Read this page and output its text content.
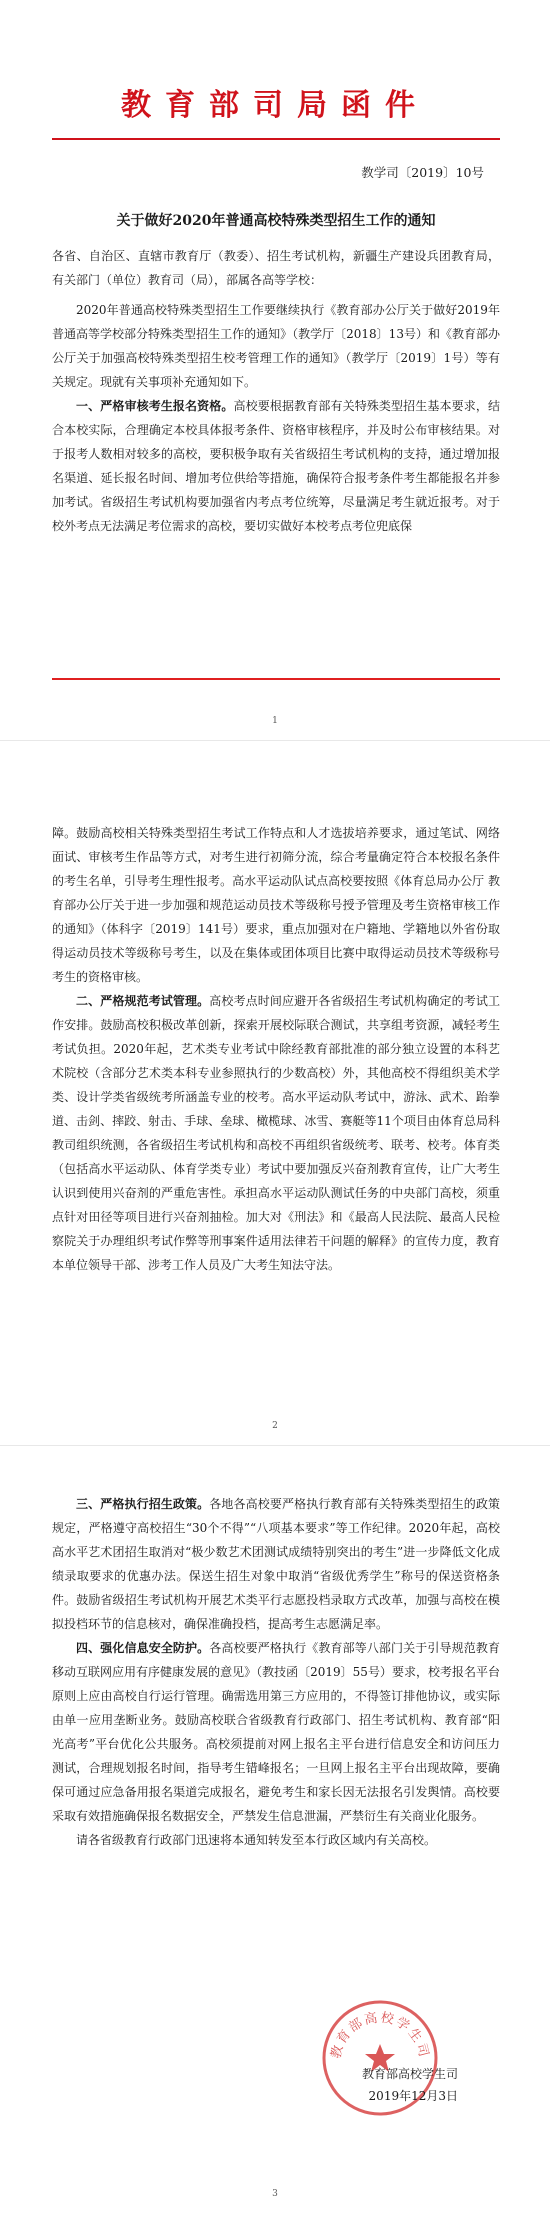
教育部司局函件
教学司〔2019〕10号
关于做好2020年普通高校特殊类型招生工作的通知

各省、自治区、直辖市教育厅（教委）、招生考试机构，新疆生产建设兵团教育局，有关部门（单位）教育司（局），部属各高等学校：

2020年普通高校特殊类型招生工作要继续执行《教育部办公厅关于做好2019年普通高等学校部分特殊类型招生工作的通知》（教学厅〔2018〕13号）和《教育部办公厅关于加强高校特殊类型招生校考管理工作的通知》（教学厅〔2019〕1号）等有关规定。现就有关事项补充通知如下。

一、严格审核考生报名资格。高校要根据教育部有关特殊类型招生基本要求，结合本校实际，合理确定本校具体报考条件、资格审核程序，并及时公布审核结果。对于报考人数相对较多的高校，要积极争取有关省级招生考试机构的支持，通过增加报名渠道、延长报名时间、增加考位供给等措施，确保符合报考条件考生都能报名并参加考试。省级招生考试机构要加强省内考点考位统筹，尽量满足考生就近报考。对于校外考点无法满足考位需求的高校，要切实做好本校考点考位兜底保

1

障。鼓励高校相关特殊类型招生考试工作特点和人才选拔培养要求，通过笔试、网络面试、审核考生作品等方式，对考生进行初筛分流，综合考量确定符合本校报名条件的考生名单，引导考生理性报考。高水平运动队试点高校要按照《体育总局办公厅 教育部办公厅关于进一步加强和规范运动员技术等级称号授予管理及考生资格审核工作的通知》（体科字〔2019〕141号）要求，重点加强对在户籍地、学籍地以外省份取得运动员技术等级称号考生，以及在集体或团体项目比赛中取得运动员技术等级称号考生的资格审核。

二、严格规范考试管理。高校考点时间应避开各省级招生考试机构确定的考试工作安排。鼓励高校积极改革创新，探索开展校际联合测试，共享组考资源，减轻考生考试负担。2020年起，艺术类专业考试中除经教育部批准的部分独立设置的本科艺术院校（含部分艺术类本科专业参照执行的少数高校）外，其他高校不得组织美术学类、设计学类省级统考所涵盖专业的校考。高水平运动队考试中，游泳、武术、跆拳道、击剑、摔跤、射击、手球、垒球、橄榄球、冰雪、赛艇等11个项目由体育总局科教司组织统测，各省级招生考试机构和高校不再组织省级统考、联考、校考。体育类（包括高水平运动队、体育学类专业）考试中要加强反兴奋剂教育宣传，让广大考生认识到使用兴奋剂的严重危害性。承担高水平运动队测试任务的中央部门高校，须重点针对田径等项目进行兴奋剂抽检。加大对《刑法》和《最高人民法院、最高人民检察院关于办理组织考试作弊等刑事案件适用法律若干问题的解释》的宣传力度，教育本单位领导干部、涉考工作人员及广大考生知法守法。

2

三、严格执行招生政策。各地各高校要严格执行教育部有关特殊类型招生的政策规定，严格遵守高校招生“30个不得”“八项基本要求”等工作纪律。2020年起，高校高水平艺术团招生取消对“极少数艺术团测试成绩特别突出的考生”进一步降低文化成绩录取要求的优惠办法。保送生招生对象中取消“省级优秀学生”称号的保送资格条件。鼓励省级招生考试机构开展艺术类平行志愿投档录取方式改革，加强与高校在模拟投档环节的信息核对，确保准确投档，提高考生志愿满足率。

四、强化信息安全防护。各高校要严格执行《教育部等八部门关于引导规范教育移动互联网应用有序健康发展的意见》（教技函〔2019〕55号）要求，校考报名平台原则上应由高校自行运行管理。确需选用第三方应用的，不得签订排他协议，或实际由单一应用垄断业务。鼓励高校联合省级教育行政部门、招生考试机构、教育部“阳光高考”平台优化公共服务。高校须提前对网上报名主平台进行信息安全和访问压力测试，合理规划报名时间，指导考生错峰报名；一旦网上报名主平台出现故障，要确保可通过应急备用报名渠道完成报名，避免考生和家长因无法报名引发舆情。高校要采取有效措施确保报名数据安全，严禁发生信息泄漏，严禁衍生有关商业化服务。

请各省级教育行政部门迅速将本通知转发至本行政区域内有关高校。

教育部高校学生司
教育部高校学生司
2019年12月3日
3
